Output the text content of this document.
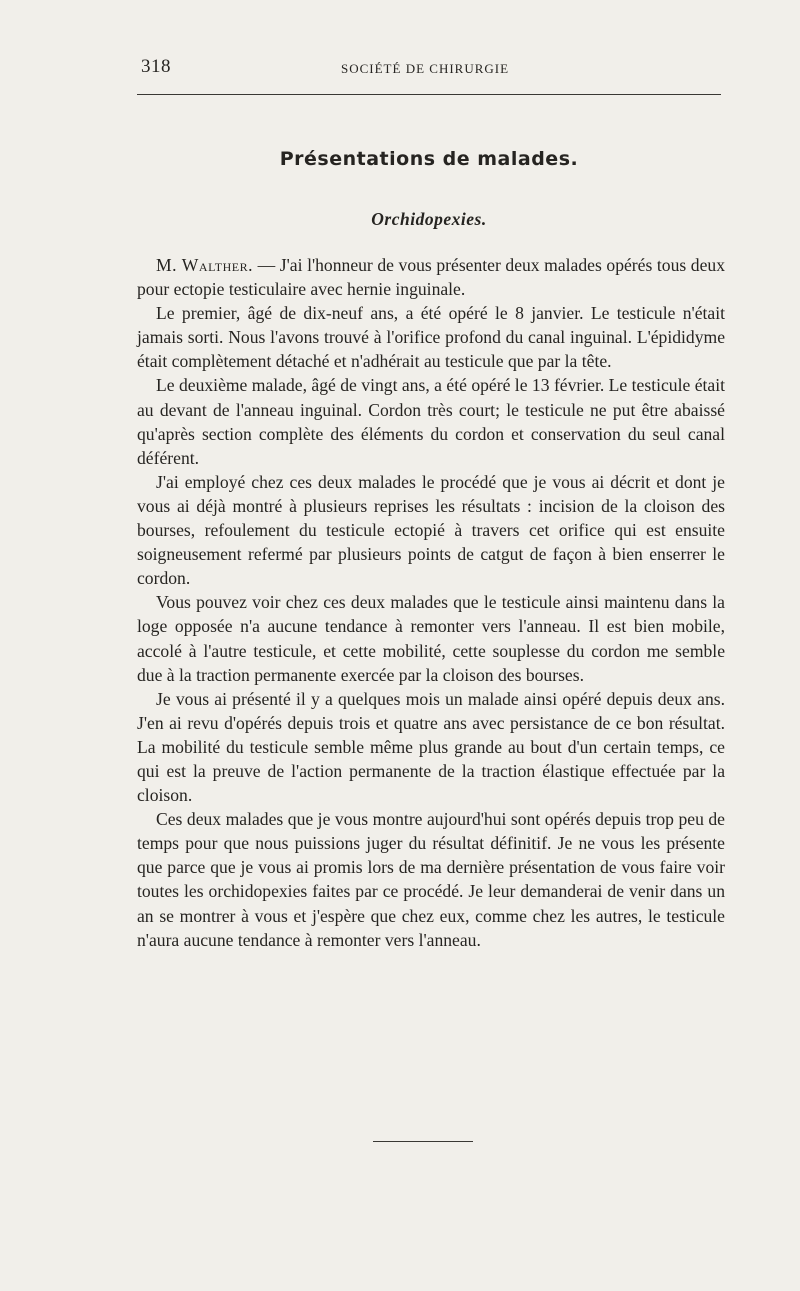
318	SOCIÉTÉ DE CHIRURGIE
Présentations de malades.
Orchidopexies.

M. Walther. — J'ai l'honneur de vous présenter deux malades opérés tous deux pour ectopie testiculaire avec hernie inguinale.

Le premier, âgé de dix-neuf ans, a été opéré le 8 janvier. Le testicule n'était jamais sorti. Nous l'avons trouvé à l'orifice profond du canal inguinal. L'épididyme était complètement détaché et n'adhérait au testicule que par la tête.

Le deuxième malade, âgé de vingt ans, a été opéré le 13 février. Le testicule était au devant de l'anneau inguinal. Cordon très court; le testicule ne put être abaissé qu'après section complète des éléments du cordon et conservation du seul canal déférent.

J'ai employé chez ces deux malades le procédé que je vous ai décrit et dont je vous ai déjà montré à plusieurs reprises les résultats : incision de la cloison des bourses, refoulement du testicule ectopié à travers cet orifice qui est ensuite soigneusement refermé par plusieurs points de catgut de façon à bien enserrer le cordon.

Vous pouvez voir chez ces deux malades que le testicule ainsi maintenu dans la loge opposée n'a aucune tendance à remonter vers l'anneau. Il est bien mobile, accolé à l'autre testicule, et cette mobilité, cette souplesse du cordon me semble due à la traction permanente exercée par la cloison des bourses.

Je vous ai présenté il y a quelques mois un malade ainsi opéré depuis deux ans. J'en ai revu d'opérés depuis trois et quatre ans avec persistance de ce bon résultat. La mobilité du testicule semble même plus grande au bout d'un certain temps, ce qui est la preuve de l'action permanente de la traction élastique effectuée par la cloison.

Ces deux malades que je vous montre aujourd'hui sont opérés depuis trop peu de temps pour que nous puissions juger du résultat définitif. Je ne vous les présente que parce que je vous ai promis lors de ma dernière présentation de vous faire voir toutes les orchidopexies faites par ce procédé. Je leur demanderai de venir dans un an se montrer à vous et j'espère que chez eux, comme chez les autres, le testicule n'aura aucune tendance à remonter vers l'anneau.
